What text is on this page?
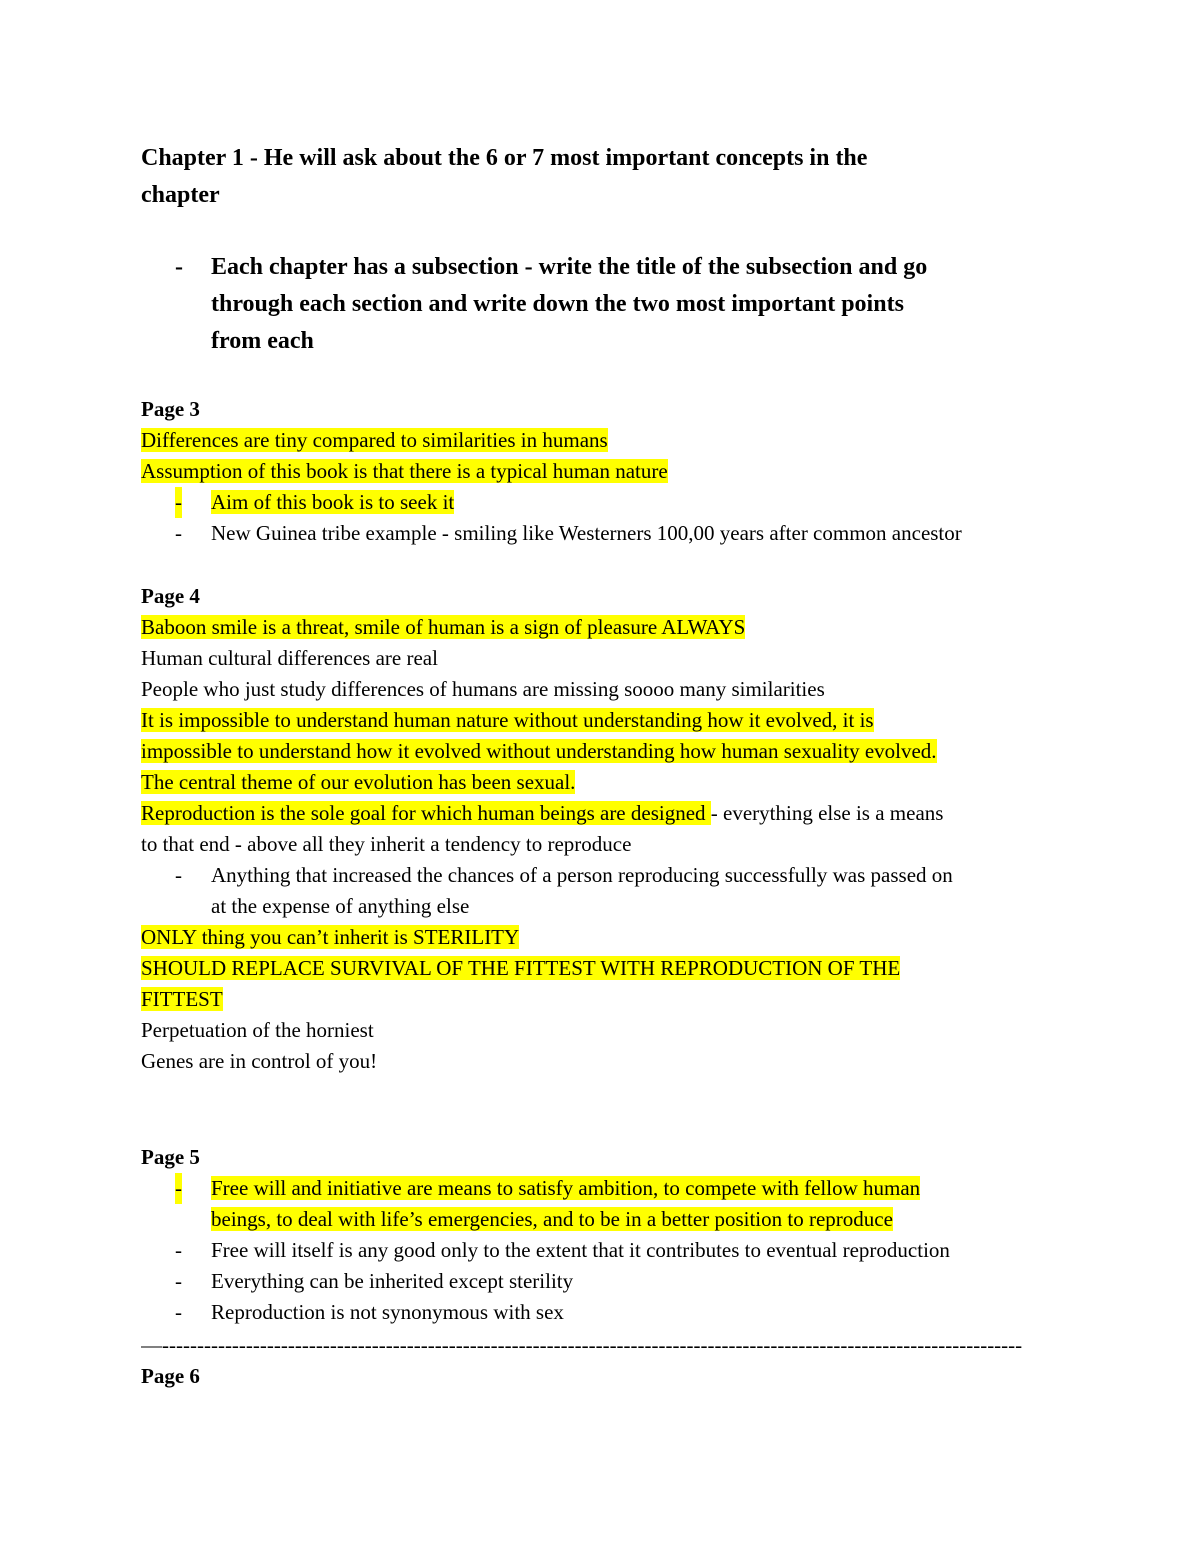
Chapter 1 - He will ask about the 6 or 7 most important concepts in the
chapter
- Each chapter has a subsection - write the title of the subsection and go
through each section and write down the two most important points
from each
Page 3
Differences are tiny compared to similarities in humans
Assumption of this book is that there is a typical human nature
- Aim of this book is to seek it
- New Guinea tribe example - smiling like Westerners 100,00 years after common ancestor
Page 4
Baboon smile is a threat, smile of human is a sign of pleasure ALWAYS
Human cultural differences are real
People who just study differences of humans are missing soooo many similarities
It is impossible to understand human nature without understanding how it evolved, it is
impossible to understand how it evolved without understanding how human sexuality evolved.
The central theme of our evolution has been sexual.
Reproduction is the sole goal for which human beings are designed - everything else is a means
to that end - above all they inherit a tendency to reproduce
- Anything that increased the chances of a person reproducing successfully was passed on
at the expense of anything else
ONLY thing you can’t inherit is STERILITY
SHOULD REPLACE SURVIVAL OF THE FITTEST WITH REPRODUCTION OF THE
FITTEST
Perpetuation of the horniest
Genes are in control of you!
Page 5
- Free will and initiative are means to satisfy ambition, to compete with fellow human
beings, to deal with life’s emergencies, and to be in a better position to reproduce
- Free will itself is any good only to the extent that it contributes to eventual reproduction
- Everything can be inherited except sterility
- Reproduction is not synonymous with sex
—---------------------------------------------------------------------------------------------------------------------------
Page 6
